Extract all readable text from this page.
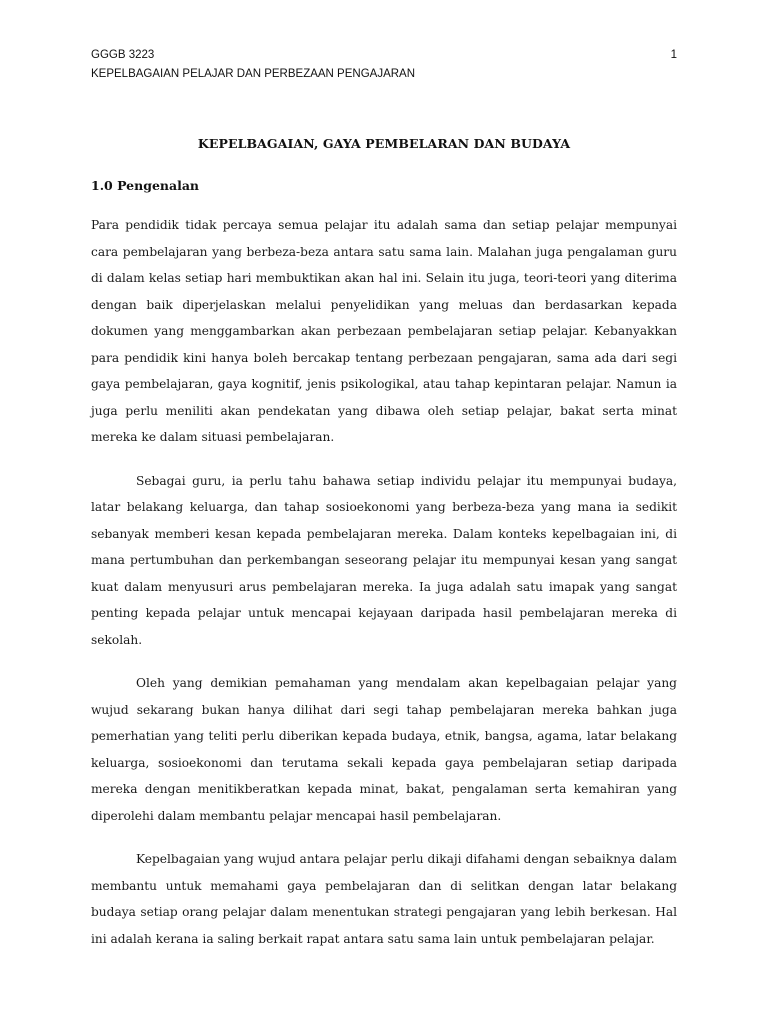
GGGB 3223	1
KEPELBAGAIAN PELAJAR DAN PERBEZAAN PENGAJARAN
KEPELBAGAIAN, GAYA PEMBELARAN DAN BUDAYA
1.0 Pengenalan

Para pendidik tidak percaya semua pelajar itu adalah sama dan setiap pelajar mempunyai cara pembelajaran yang berbeza-beza antara satu sama lain. Malahan juga pengalaman guru di dalam kelas setiap hari membuktikan akan hal ini. Selain itu juga, teori-teori yang diterima dengan baik diperjelaskan melalui penyelidikan yang meluas dan berdasarkan kepada dokumen yang menggambarkan akan perbezaan pembelajaran setiap pelajar. Kebanyakkan para pendidik kini hanya boleh bercakap tentang perbezaan pengajaran, sama ada dari segi gaya pembelajaran, gaya kognitif, jenis psikologikal, atau tahap kepintaran pelajar. Namun ia juga perlu meniliti akan pendekatan yang dibawa oleh setiap pelajar, bakat serta minat mereka ke dalam situasi pembelajaran.

Sebagai guru, ia perlu tahu bahawa setiap individu pelajar itu mempunyai budaya, latar belakang keluarga, dan tahap sosioekonomi yang berbeza-beza yang mana ia sedikit sebanyak memberi kesan kepada pembelajaran mereka. Dalam konteks kepelbagaian ini, di mana pertumbuhan dan perkembangan seseorang pelajar itu mempunyai kesan yang sangat kuat dalam menyusuri arus pembelajaran mereka. Ia juga adalah satu imapak yang sangat penting kepada pelajar untuk mencapai kejayaan daripada hasil pembelajaran mereka di sekolah.

Oleh yang demikian pemahaman yang mendalam akan kepelbagaian pelajar yang wujud sekarang bukan hanya dilihat dari segi tahap pembelajaran mereka bahkan juga pemerhatian yang teliti perlu diberikan kepada budaya, etnik, bangsa, agama, latar belakang keluarga, sosioekonomi dan terutama sekali kepada gaya pembelajaran setiap daripada mereka dengan menitikberatkan kepada minat, bakat, pengalaman serta kemahiran yang diperolehi dalam membantu pelajar mencapai hasil pembelajaran.

Kepelbagaian yang wujud antara pelajar perlu dikaji difahami dengan sebaiknya dalam membantu untuk memahami gaya pembelajaran dan di selitkan dengan latar belakang budaya setiap orang pelajar dalam menentukan strategi pengajaran yang lebih berkesan. Hal ini adalah kerana ia saling berkait rapat antara satu sama lain untuk pembelajaran pelajar.
